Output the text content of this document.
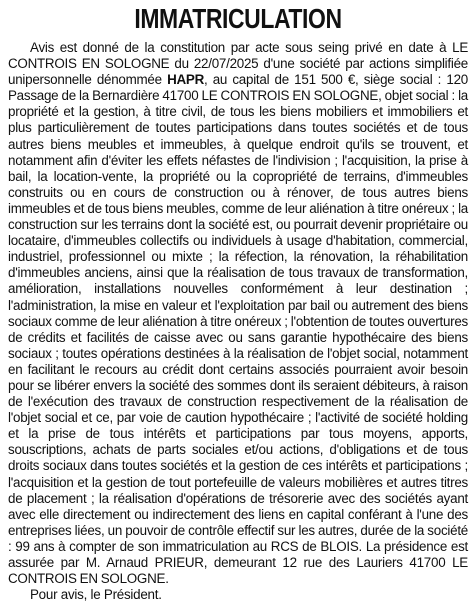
IMMATRICULATION

Avis est donné de la constitution par acte sous seing privé en date à LE CONTROIS EN SOLOGNE du 22/07/2025 d'une société par actions simplifiée unipersonnelle dénommée HAPR, au capital de 151 500 €, siège social : 120 Passage de la Bernardière 41700 LE CONTROIS EN SOLOGNE, objet social : la propriété et la gestion, à titre civil, de tous les biens mobiliers et immobiliers et plus particulièrement de toutes participations dans toutes sociétés et de tous autres biens meubles et immeubles, à quelque endroit qu'ils se trouvent, et notamment afin d'éviter les effets néfastes de l'indivision ; l'acquisition, la prise à bail, la location-vente, la propriété ou la copropriété de terrains, d'immeubles construits ou en cours de construction ou à rénover, de tous autres biens immeubles et de tous biens meubles, comme de leur aliénation à titre onéreux ; la construction sur les terrains dont la société est, ou pourrait devenir propriétaire ou locataire, d'immeubles collectifs ou individuels à usage d'habitation, commercial, industriel, professionnel ou mixte ; la réfection, la rénovation, la réhabilitation d'immeubles anciens, ainsi que la réalisation de tous travaux de transformation, amélioration, installations nouvelles conformément à leur destination ; l'administration, la mise en valeur et l'exploitation par bail ou autrement des biens sociaux comme de leur aliénation à titre onéreux ; l'obtention de toutes ouvertures de crédits et facilités de caisse avec ou sans garantie hypothécaire des biens sociaux ; toutes opérations destinées à la réalisation de l'objet social, notamment en facilitant le recours au crédit dont certains associés pourraient avoir besoin pour se libérer envers la société des sommes dont ils seraient débiteurs, à raison de l'exécution des travaux de construction respectivement de la réalisation de l'objet social et ce, par voie de caution hypothécaire ; l'activité de société holding et la prise de tous intérêts et participations par tous moyens, apports, souscriptions, achats de parts sociales et/ou actions, d'obligations et de tous droits sociaux dans toutes sociétés et la gestion de ces intérêts et participations ; l'acquisition et la gestion de tout portefeuille de valeurs mobilières et autres titres de placement ; la réalisation d'opérations de trésorerie avec des sociétés ayant avec elle directement ou indirectement des liens en capital conférant à l'une des entreprises liées, un pouvoir de contrôle effectif sur les autres, durée de la société : 99 ans à compter de son immatriculation au RCS de BLOIS. La présidence est assurée par M. Arnaud PRIEUR, demeurant 12 rue des Lauriers 41700 LE CONTROIS EN SOLOGNE.

Pour avis, le Président.
